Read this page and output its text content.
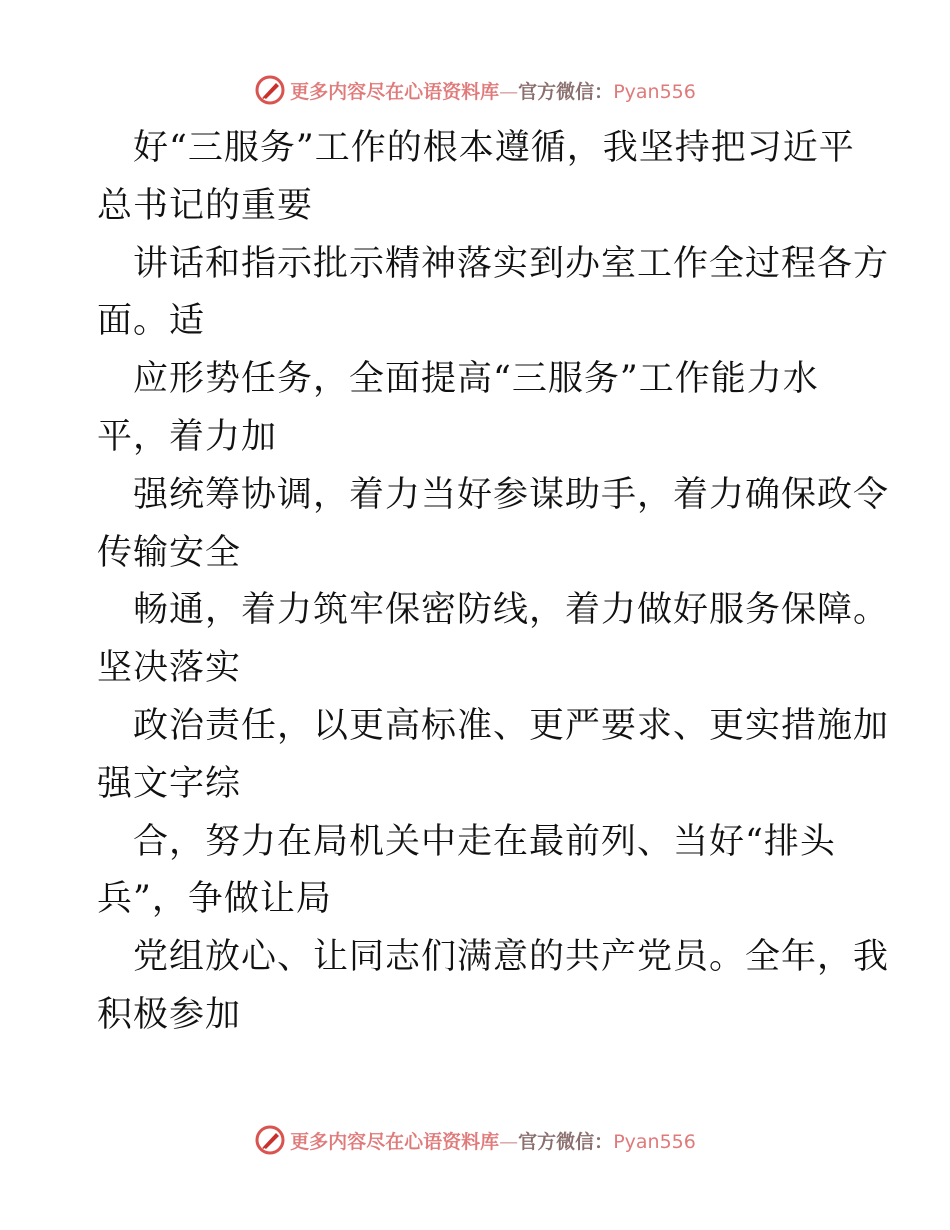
更多内容尽在心语资料库—官方微信：Pyan556
好“三服务”工作的根本遵循，我坚持把习近平
总书记的重要
讲话和指示批示精神落实到办室工作全过程各方
面。适
应形势任务，全面提高“三服务”工作能力水
平，着力加
强统筹协调，着力当好参谋助手，着力确保政令
传输安全
畅通，着力筑牢保密防线，着力做好服务保障。
坚决落实
政治责任，以更高标准、更严要求、更实措施加
强文字综
合，努力在局机关中走在最前列、当好“排头
兵”，争做让局
党组放心、让同志们满意的共产党员。全年，我
积极参加
更多内容尽在心语资料库—官方微信：Pyan556
